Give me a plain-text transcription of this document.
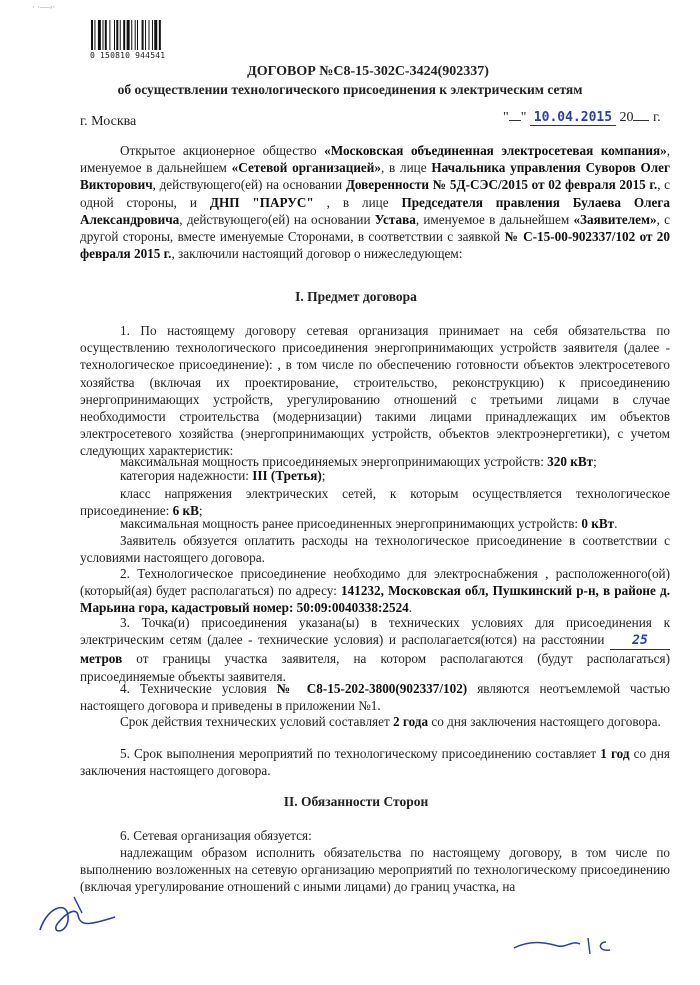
· ·—◦·
0 150810 944541
ДОГОВОР №С8-15-302С-3424(902337)
об осуществлении технологического присоединения к электрическим сетям
г. Москва	" " 10.04.2015 20 г.

Открытое акционерное общество «Московская объединенная электросетевая компания», именуемое в дальнейшем «Сетевой организацией», в лице Начальника управления Суворов Олег Викторович, действующего(ей) на основании Доверенности № 5Д-СЭС/2015 от 02 февраля 2015 г., с одной стороны, и ДНП "ПАРУС" , в лице Председателя правления Булаева Олега Александровича, действующего(ей) на основании Устава, именуемое в дальнейшем «Заявителем», с другой стороны, вместе именуемые Сторонами, в соответствии с заявкой № С-15-00-902337/102 от 20 февраля 2015 г., заключили настоящий договор о нижеследующем:

I. Предмет договора

1. По настоящему договору сетевая организация принимает на себя обязательства по осуществлению технологического присоединения энергопринимающих устройств заявителя (далее - технологическое присоединение): , в том числе по обеспечению готовности объектов электросетевого хозяйства (включая их проектирование, строительство, реконструкцию) к присоединению энергопринимающих устройств, урегулированию отношений с третьими лицами в случае необходимости строительства (модернизации) такими лицами принадлежащих им объектов электросетевого хозяйства (энергопринимающих устройств, объектов электроэнергетики), с учетом следующих характеристик:

максимальная мощность присоединяемых энергопринимающих устройств: 320 кВт;

категория надежности: III (Третья);

класс напряжения электрических сетей, к которым осуществляется технологическое присоединение: 6 кВ;

максимальная мощность ранее присоединенных энергопринимающих устройств: 0 кВт.

Заявитель обязуется оплатить расходы на технологическое присоединение в соответствии с условиями настоящего договора.

2. Технологическое присоединение необходимо для электроснабжения , расположенного(ой) (который(ая) будет располагаться) по адресу: 141232, Московская обл, Пушкинский р-н, в районе д. Марьина гора, кадастровый номер: 50:09:0040338:2524.

3. Точка(и) присоединения указана(ы) в технических условиях для присоединения к электрическим сетям (далее - технические условия) и располагается(ются) на расстоянии 25 метров от границы участка заявителя, на котором располагаются (будут располагаться) присоединяемые объекты заявителя.

4. Технические условия № С8-15-202-3800(902337/102) являются неотъемлемой частью настоящего договора и приведены в приложении №1.

Срок действия технических условий составляет 2 года со дня заключения настоящего договора.

5. Срок выполнения мероприятий по технологическому присоединению составляет 1 год со дня заключения настоящего договора.

II. Обязанности Сторон

6. Сетевая организация обязуется:

надлежащим образом исполнить обязательства по настоящему договору, в том числе по выполнению возложенных на сетевую организацию мероприятий по технологическому присоединению (включая урегулирование отношений с иными лицами) до границ участка, на
